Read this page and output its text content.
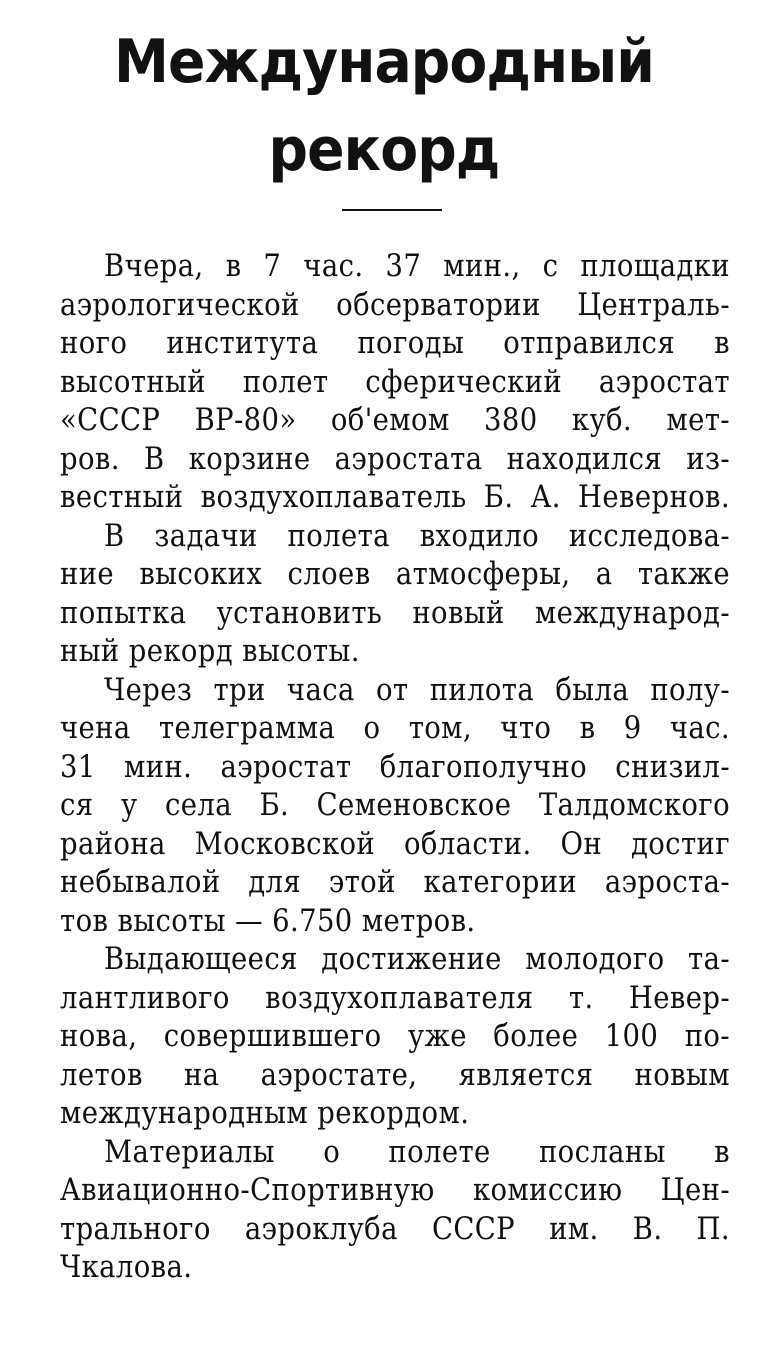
Международный
рекорд

Вчера, в 7 час. 37 мин., с площадки
аэрологической обсерватории Централь-
ного института погоды отправился в
высотный полет сферический аэростат
«СССР ВР-80» об'емом 380 куб. мет-
ров. В корзине аэростата находился из-
вестный воздухоплаватель Б. А. Невернов.

В задачи полета входило исследова-
ние высоких слоев атмосферы, а также
попытка установить новый международ-
ный рекорд высоты.

Через три часа от пилота была полу-
чена телеграмма о том, что в 9 час.
31 мин. аэростат благополучно снизил-
ся у села Б. Семеновское Талдомского
района Московской области. Он достиг
небывалой для этой категории аэроста-
тов высоты — 6.750 метров.

Выдающееся достижение молодого та-
лантливого воздухоплавателя т. Невер-
нова, совершившего уже более 100 по-
летов на аэростате, является новым
международным рекордом.

Материалы о полете посланы в
Авиационно-Спортивную комиссию Цен-
трального аэроклуба СССР им. В. П.
Чкалова.
